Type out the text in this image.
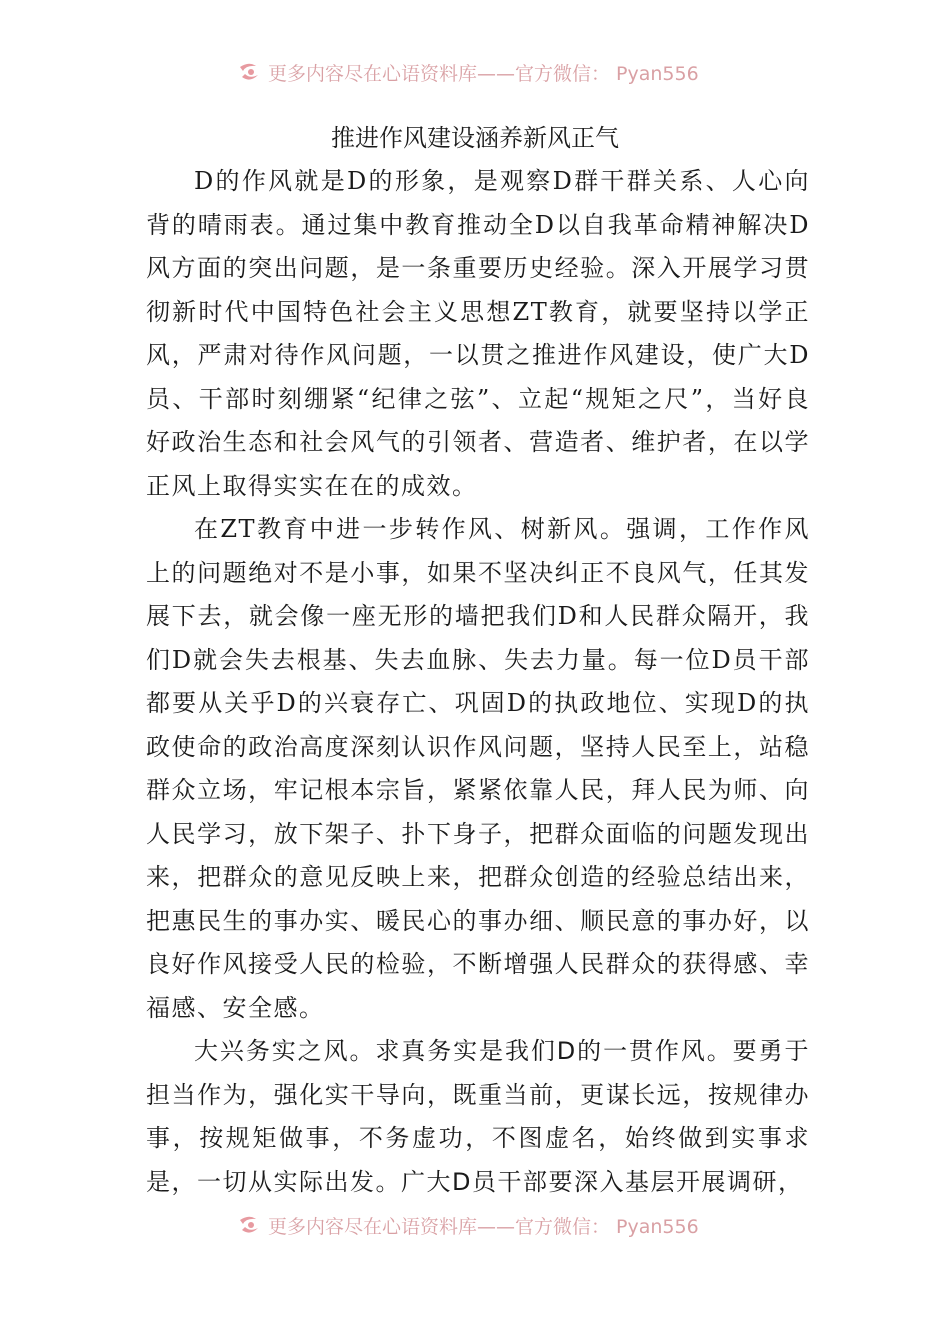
更多内容尽在心语资料库——官方微信： Pyan556
推进作风建设涵养新风正气

D的作风就是D的形象，是观察D群干群关系、人心向背的晴雨表。通过集中教育推动全D以自我革命精神解决D风方面的突出问题，是一条重要历史经验。深入开展学习贯彻新时代中国特色社会主义思想ZT教育，就要坚持以学正风，严肃对待作风问题，一以贯之推进作风建设，使广大D员、干部时刻绷紧“纪律之弦”、立起“规矩之尺”，当好良好政治生态和社会风气的引领者、营造者、维护者，在以学正风上取得实实在在的成效。

在ZT教育中进一步转作风、树新风。强调，工作作风上的问题绝对不是小事，如果不坚决纠正不良风气，任其发展下去，就会像一座无形的墙把我们D和人民群众隔开，我们D就会失去根基、失去血脉、失去力量。每一位D员干部都要从关乎D的兴衰存亡、巩固D的执政地位、实现D的执政使命的政治高度深刻认识作风问题，坚持人民至上，站稳群众立场，牢记根本宗旨，紧紧依靠人民，拜人民为师、向人民学习，放下架子、扑下身子，把群众面临的问题发现出来，把群众的意见反映上来，把群众创造的经验总结出来，把惠民生的事办实、暖民心的事办细、顺民意的事办好，以良好作风接受人民的检验，不断增强人民群众的获得感、幸福感、安全感。

大兴务实之风。求真务实是我们D的一贯作风。要勇于担当作为，强化实干导向，既重当前，更谋长远，按规律办事，按规矩做事，不务虚功，不图虚名，始终做到实事求是，一切从实际出发。广大D员干部要深入基层开展调研，

更多内容尽在心语资料库——官方微信： Pyan556
